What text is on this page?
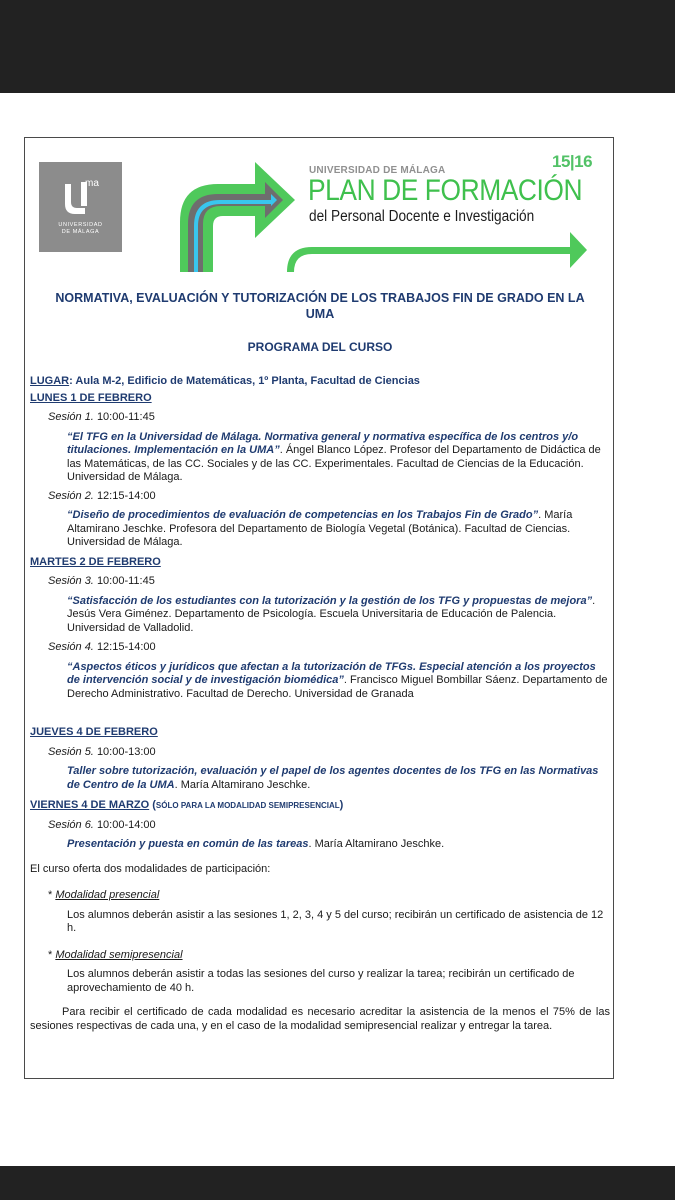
ma
UNIVERSIDAD
DE MÁLAGA
UNIVERSIDAD DE MÁLAGA	15|16
PLAN DE FORMACIÓN
del Personal Docente e Investigación
NORMATIVA, EVALUACIÓN Y TUTORIZACIÓN DE LOS TRABAJOS FIN DE GRADO EN LA UMA
PROGRAMA DEL CURSO
LUGAR: Aula M-2, Edificio de Matemáticas, 1º Planta, Facultad de Ciencias
LUNES 1 DE FEBRERO
Sesión 1. 10:00-11:45
“El TFG en la Universidad de Málaga. Normativa general y normativa específica de los centros y/o titulaciones. Implementación en la UMA”. Ángel Blanco López. Profesor del Departamento de Didáctica de las Matemáticas, de las CC. Sociales y de las CC. Experimentales. Facultad de Ciencias de la Educación. Universidad de Málaga.
Sesión 2. 12:15-14:00
“Diseño de procedimientos de evaluación de competencias en los Trabajos Fin de Grado”. María Altamirano Jeschke. Profesora del Departamento de Biología Vegetal (Botánica). Facultad de Ciencias. Universidad de Málaga.
MARTES 2 DE FEBRERO
Sesión 3. 10:00-11:45
“Satisfacción de los estudiantes con la tutorización y la gestión de los TFG y propuestas de mejora”. Jesús Vera Giménez. Departamento de Psicología. Escuela Universitaria de Educación de Palencia. Universidad de Valladolid.
Sesión 4. 12:15-14:00
“Aspectos éticos y jurídicos que afectan a la tutorización de TFGs. Especial atención a los proyectos de intervención social y de investigación biomédica”. Francisco Miguel Bombillar Sáenz. Departamento de Derecho Administrativo. Facultad de Derecho. Universidad de Granada
JUEVES 4 DE FEBRERO
Sesión 5. 10:00-13:00
Taller sobre tutorización, evaluación y el papel de los agentes docentes de los TFG en las Normativas de Centro de la UMA. María Altamirano Jeschke.
VIERNES 4 DE MARZO (SÓLO PARA LA MODALIDAD SEMIPRESENCIAL)
Sesión 6. 10:00-14:00
Presentación y puesta en común de las tareas. María Altamirano Jeschke.
El curso oferta dos modalidades de participación:
* Modalidad presencial
Los alumnos deberán asistir a las sesiones 1, 2, 3, 4 y 5 del curso; recibirán un certificado de asistencia de 12 h.
* Modalidad semipresencial
Los alumnos deberán asistir a todas las sesiones del curso y realizar la tarea; recibirán un certificado de aprovechamiento de 40 h.
Para recibir el certificado de cada modalidad es necesario acreditar la asistencia de la menos el 75% de las sesiones respectivas de cada una, y en el caso de la modalidad semipresencial realizar y entregar la tarea.
